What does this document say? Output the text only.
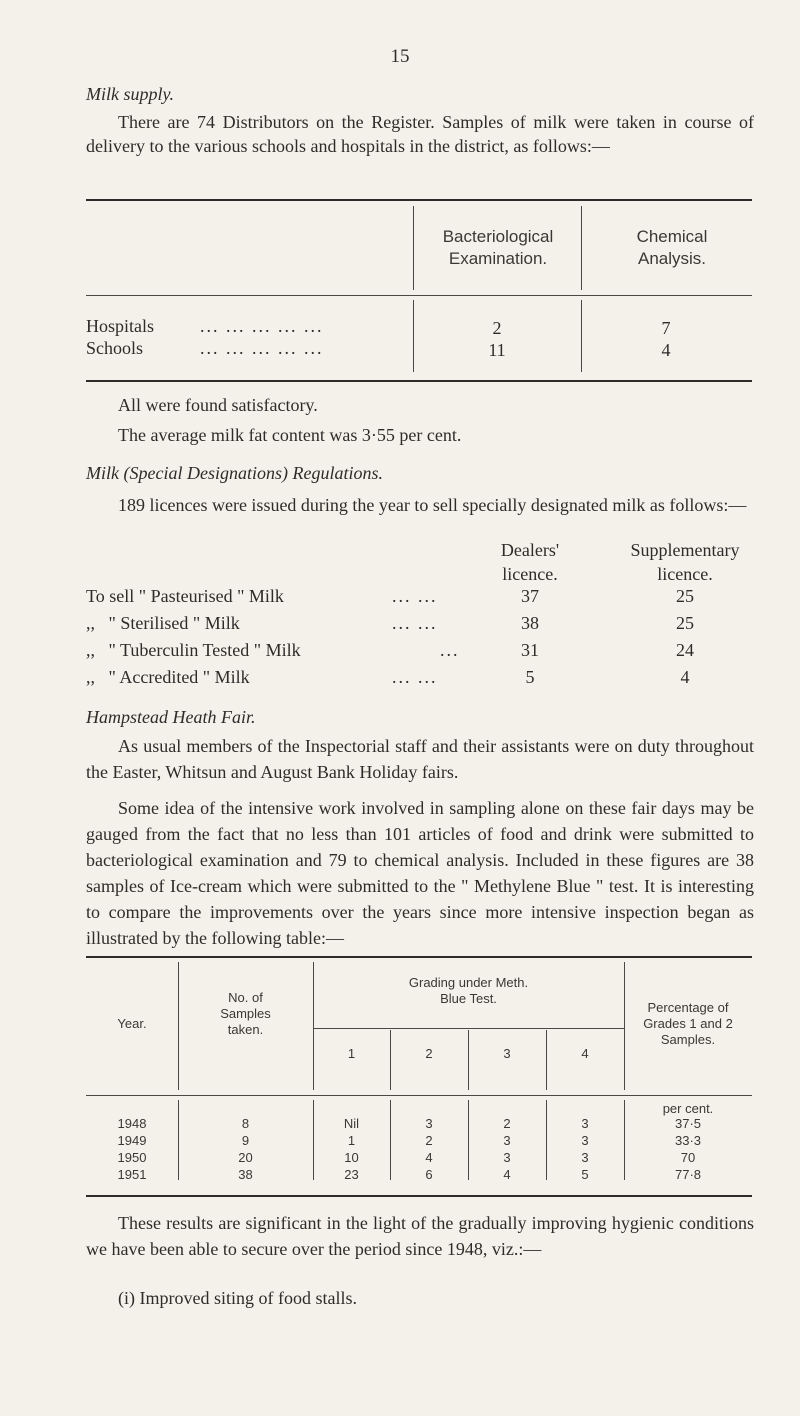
15
Milk supply.
There are 74 Distributors on the Register. Samples of milk were taken in course of delivery to the various schools and hospitals in the district, as follows:—
Bacteriological Examination.
Chemical Analysis.
Hospitals	... ... ... ... ...	2	7
Schools	... ... ... ... ...	11	4
All were found satisfactory.
The average milk fat content was 3·55 per cent.
Milk (Special Designations) Regulations.
189 licences were issued during the year to sell specially designated milk as follows:—
Dealers'
licence.
Supplementary
licence.
To sell " Pasteurised " Milk	... ...	37	25
,,   " Sterilised " Milk	... ...	38	25
,,   " Tuberculin Tested " Milk	...	31	24
,,   " Accredited " Milk	... ...	5	4
Hampstead Heath Fair.
As usual members of the Inspectorial staff and their assistants were on duty throughout the Easter, Whitsun and August Bank Holiday fairs.
Some idea of the intensive work involved in sampling alone on these fair days may be gauged from the fact that no less than 101 articles of food and drink were submitted to bacteriological examination and 79 to chemical analysis. Included in these figures are 38 samples of Ice-cream which were submitted to the " Methylene Blue " test. It is interesting to compare the improvements over the years since more intensive inspection began as illustrated by the following table:—
Year.
No. of
Samples
taken.
Grading under Meth.
Blue Test.
1	2	3	4
Percentage of
Grades 1 and 2
Samples.
per cent.
1948	8	Nil	3	2	3	37·5
1949	9	1	2	3	3	33·3
1950	20	10	4	3	3	70
1951	38	23	6	4	5	77·8
These results are significant in the light of the gradually improving hygienic conditions we have been able to secure over the period since 1948, viz.:—
(i) Improved siting of food stalls.
